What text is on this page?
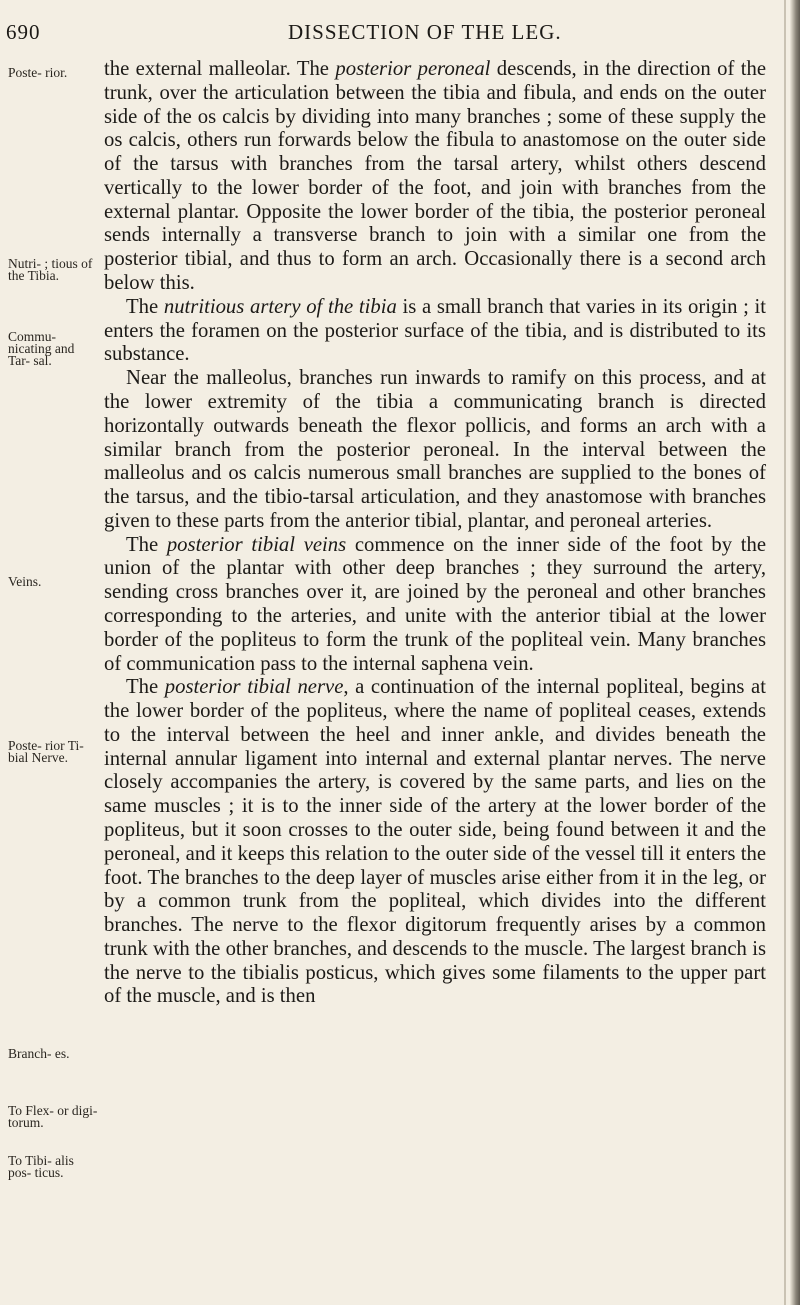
690	DISSECTION OF THE LEG.
Poste- rior.
Nutri- ; tious of the Tibia.
Commu- nicating and Tar- sal.
Veins.
Poste- rior Ti- bial Nerve.
Branch- es.
To Flex- or digi- torum.
To Tibi- alis pos- ticus.

the external malleolar. The posterior peroneal descends, in the direction of the trunk, over the articulation between the tibia and fibula, and ends on the outer side of the os calcis by dividing into many branches ; some of these supply the os calcis, others run forwards below the fibula to anastomose on the outer side of the tarsus with branches from the tarsal artery, whilst others descend vertically to the lower border of the foot, and join with branches from the external plantar. Opposite the lower border of the tibia, the posterior peroneal sends internally a transverse branch to join with a similar one from the posterior tibial, and thus to form an arch. Occasionally there is a second arch below this.

The nutritious artery of the tibia is a small branch that varies in its origin ; it enters the foramen on the posterior surface of the tibia, and is distributed to its substance.

Near the malleolus, branches run inwards to ramify on this process, and at the lower extremity of the tibia a communicating branch is directed horizontally outwards beneath the flexor pollicis, and forms an arch with a similar branch from the posterior peroneal. In the interval between the malleolus and os calcis numerous small branches are supplied to the bones of the tarsus, and the tibio-tarsal articulation, and they anastomose with branches given to these parts from the anterior tibial, plantar, and peroneal arteries.

The posterior tibial veins commence on the inner side of the foot by the union of the plantar with other deep branches ; they surround the artery, sending cross branches over it, are joined by the peroneal and other branches corresponding to the arteries, and unite with the anterior tibial at the lower border of the popliteus to form the trunk of the popliteal vein. Many branches of communication pass to the internal saphena vein.

The posterior tibial nerve, a continuation of the internal popliteal, begins at the lower border of the popliteus, where the name of popliteal ceases, extends to the interval between the heel and inner ankle, and divides beneath the internal annular ligament into internal and external plantar nerves. The nerve closely accompanies the artery, is covered by the same parts, and lies on the same muscles ; it is to the inner side of the artery at the lower border of the popliteus, but it soon crosses to the outer side, being found between it and the peroneal, and it keeps this relation to the outer side of the vessel till it enters the foot. The branches to the deep layer of muscles arise either from it in the leg, or by a common trunk from the popliteal, which divides into the different branches. The nerve to the flexor digitorum frequently arises by a common trunk with the other branches, and descends to the muscle. The largest branch is the nerve to the tibialis posticus, which gives some filaments to the upper part of the muscle, and is then
